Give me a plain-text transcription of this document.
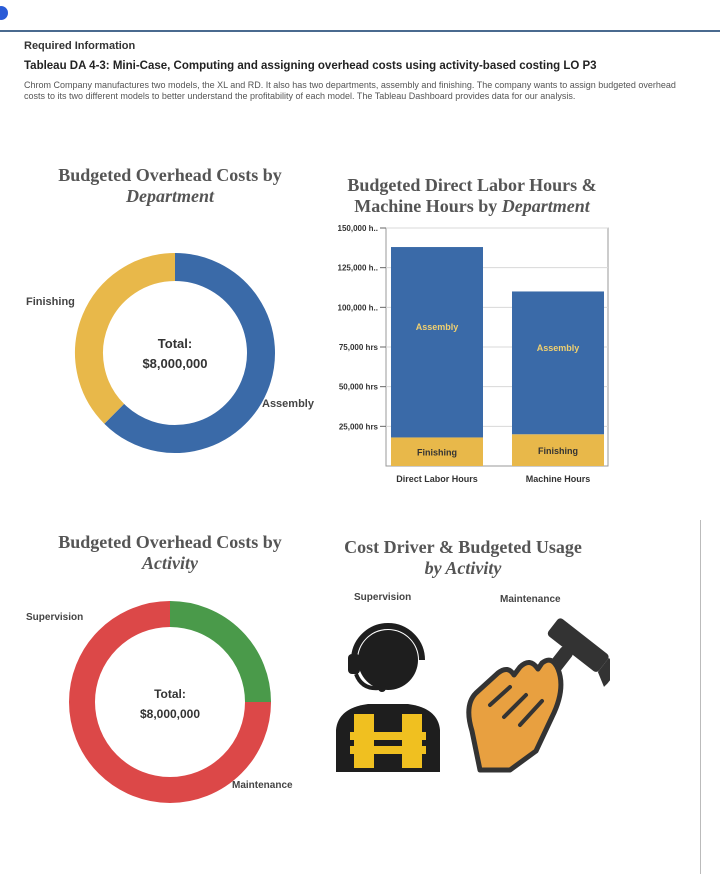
Required Information
Tableau DA 4-3: Mini-Case, Computing and assigning overhead costs using activity-based costing LO P3
Chrom Company manufactures two models, the XL and RD. It also has two departments, assembly and finishing. The company wants to assign budgeted overhead costs to its two different models to better understand the profitability of each model. The Tableau Dashboard provides data for our analysis.
Budgeted Overhead Costs by
Department
Finishing
Assembly
Total:
$8,000,000
Budgeted Direct Labor Hours &
Machine Hours by Department
25,000 hrs
50,000 hrs
75,000 hrs
100,000 h..
125,000 h..
150,000 h..
Finishing
Assembly
Direct Labor Hours
Finishing
Assembly
Machine Hours
Budgeted Overhead Costs by
Activity
Supervision
Maintenance
Total:
$8,000,000
Cost Driver & Budgeted Usage
by Activity
Supervision	Maintenance
